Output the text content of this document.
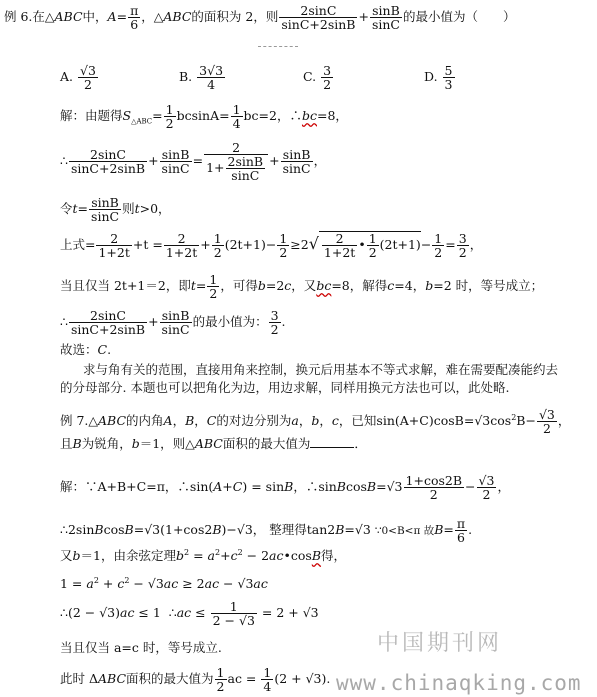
例 6.在△ABC中，$A= \frac{\pi}{6}$ ，△ABC的面积为 2，则 $\frac{2\sin C}{\sin C+2\sin B} + \frac{\sin B}{\sin C}$ 的最小值为（　　）
A. $\frac{√3}{2}$	B. $\frac{3√3}{4}$	C. $\frac{3}{2}$	D. $\frac{5}{3}$
解：由题得$S_{\triangle ABC}= \frac{1}{2} bcsinA= \frac{1}{4} bc=2$，∴bc=8，
∴ $\frac{2\sin C}{\sin C+2\sin B} + \frac{\sin B}{\sin C} = \frac{2}{1+ \frac{2\sin B}{\sin C}} + \frac{\sin B}{\sin C}$ ，
令$t= \frac{\sin B}{\sin C}$ 则t>0，
上式= $\frac{2}{1+2t} +t = \frac{2}{1+2t} + \frac{1}{2} (2t+1)- \frac{1}{2} \ge 2√ \frac{2}{1+2t}$ • $\frac{1}{2} (2t+1)- \frac{1}{2} = \frac{3}{2}$ ，
当且仅当 2t+1＝2，即$t= \frac{1}{2}$ ，可得b=2c，又bc=8，解得c=4，b=2 时，等号成立；
∴ $\frac{2\sin C}{\sin C+2\sin B} + \frac{\sin B}{\sin C}$ 的最小值为： $\frac{3}{2}$ .
故选：C.
求与角有关的范围，直接用角来控制，换元后用基本不等式求解，难在需要配凑能约去
的分母部分. 本题也可以把角化为边，用边求解，同样用换元方法也可以，此处略.
例 7.△ABC的内角A，B，C的对边分别为a，b，c，已知$\sin(A+C)\cos B=√3\cos^2B- \frac{√3}{2}$ ，
且B为锐角，b＝1，则△ABC面积的最大值为	．
解：∵A+B+C=π，∴sin(A+C) = sinB，∴sinBcosB=√3 $\frac{1+\cos 2B}{2} - \frac{√3}{2}$ ，
∴2sinBcosB=√3(1+cos2B)−√3， 整理得tan2B=√3 ∵0<B<π 故$B= \frac{\pi}{6}$ .
又b＝1，由余弦定理$b^2 = a^2+c^2$ − 2ac•cosB得，
$1 = a^2 + c^2 - √3ac \ge 2ac - √3ac$
∴(2 − √3)ac ≤ 1 ∴ac ≤ $\frac{1}{2 - √3} = 2 + √3$
当且仅当 a=c 时，等号成立.
此时 ΔABC面积的最大值为 $\frac{1}{2}$ ac = $\frac{1}{4} (2 + √3)$.
中国期刊网
www.chinaqking.com
